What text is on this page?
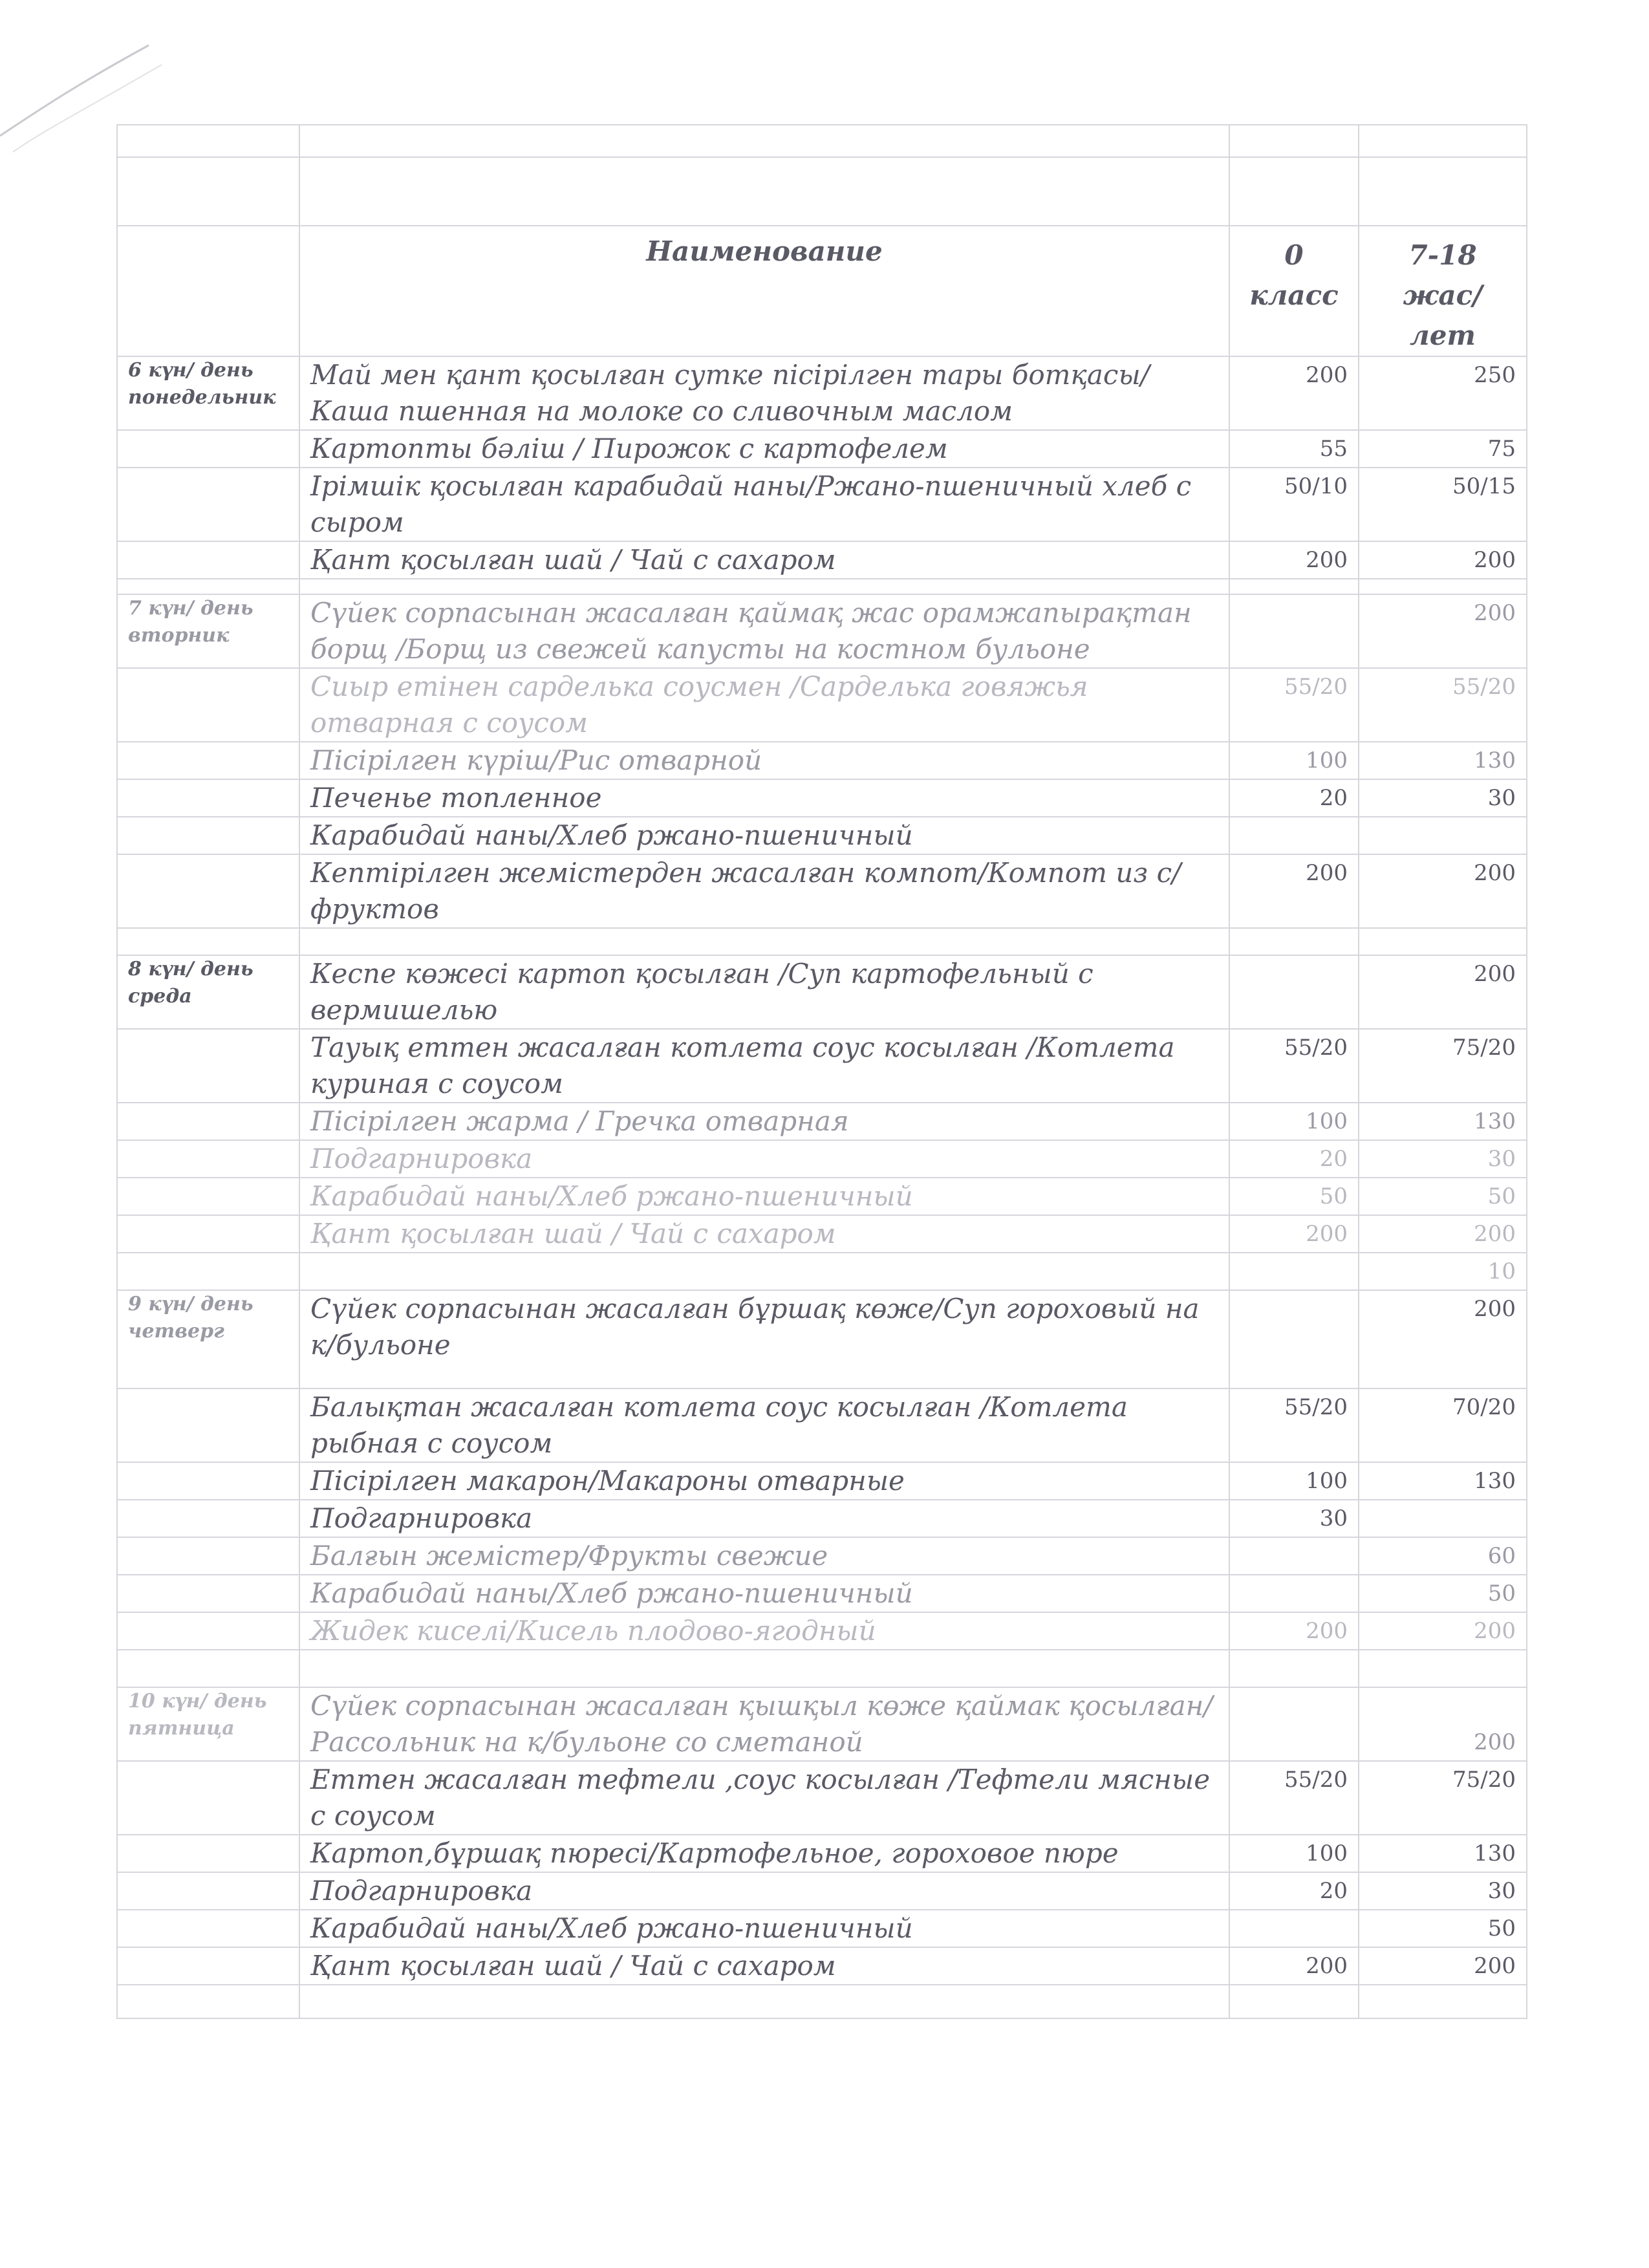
	Наименование	0 класс	7-18 жас/ лет
6 күн/ день понедельник	Май мен қант қосылған сутке пісірілген тары ботқасы/Каша пшенная на молоке со сливочным маслом	200	250
	Картопты бәліш / Пирожок с картофелем	55	75
	Ірімшік қосылған карабидай наны/Ржано-пшеничный хлеб с сыром	50/10	50/15
	Қант қосылған шай / Чай с сахаром	200	200

7 күн/ день вторник	Сүйек сорпасынан жасалған қаймақ жас орамжапырақтан борщ /Борщ из свежей капусты на костном бульоне		200
	Сиыр етінен сарделька соусмен /Сарделька говяжья отварная с соусом	55/20	55/20
	Пісірілген күріш/Рис отварной	100	130
	Печенье топленное	20	30
	Карабидай наны/Хлеб ржано-пшеничный		
	Кептірілген жемістерден жасалған компот/Компот из с/фруктов	200	200

8 күн/ день среда	Кеспе көжесі картоп қосылған /Суп картофельный с вермишелью		200
	Тауық еттен жасалған котлета соус косылған /Котлета куриная с соусом	55/20	75/20
	Пісірілген жарма / Гречка отварная	100	130
	Подгарнировка	20	30
	Карабидай наны/Хлеб ржано-пшеничный	50	50
	Қант қосылған шай / Чай с сахаром	200	200
			10
9 күн/ день четверг	Сүйек сорпасынан жасалған бұршақ көже/Суп гороховый на к/бульоне		200
	Балықтан жасалған котлета соус косылған /Котлета рыбная с соусом	55/20	70/20
	Пісірілген макарон/Макароны отварные	100	130
	Подгарнировка	30	
	Балғын жемістер/Фрукты свежие		60
	Карабидай наны/Хлеб ржано-пшеничный		50
	Жидек киселі/Кисель плодово-ягодный	200	200

10 күн/ день пятница	Сүйек сорпасынан жасалған қышқыл көже қаймак қосылған/Рассольник на к/бульоне со сметаной		200
	Еттен жасалған тефтели ,соус косылған /Тефтели мясные с соусом	55/20	75/20
	Картоп,бұршақ пюресі/Картофельное, гороховое пюре	100	130
	Подгарнировка	20	30
	Карабидай наны/Хлеб ржано-пшеничный		50
	Қант қосылған шай / Чай с сахаром	200	200
